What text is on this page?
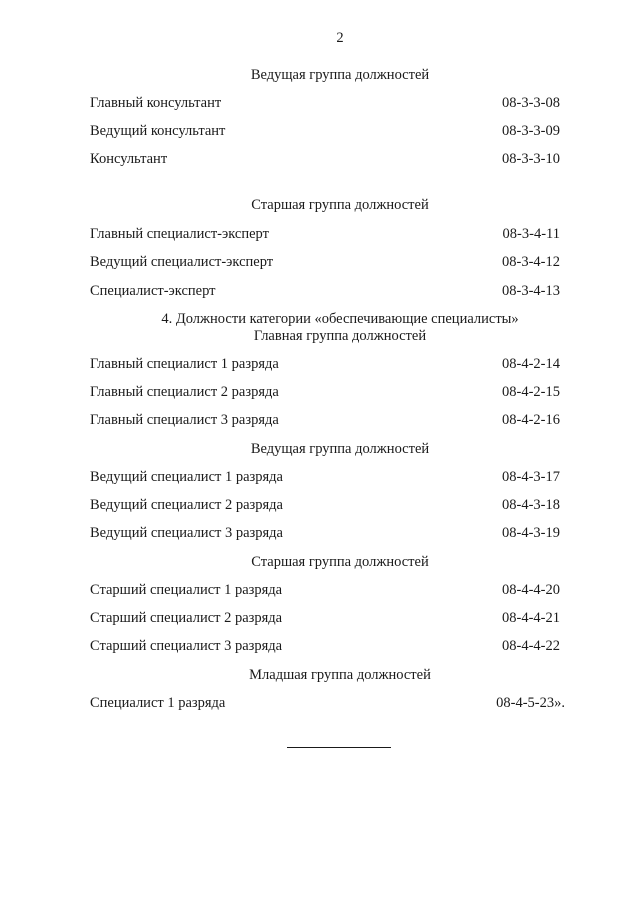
2
Ведущая группа должностей
Главный консультант	08-3-3-08
Ведущий консультант	08-3-3-09
Консультант	08-3-3-10
Старшая группа должностей
Главный специалист-эксперт	08-3-4-11
Ведущий специалист-эксперт	08-3-4-12
Специалист-эксперт	08-3-4-13
4. Должности категории «обеспечивающие специалисты»
Главная группа должностей
Главный специалист 1 разряда	08-4-2-14
Главный специалист 2 разряда	08-4-2-15
Главный специалист 3 разряда	08-4-2-16
Ведущая группа должностей
Ведущий специалист 1 разряда	08-4-3-17
Ведущий специалист 2 разряда	08-4-3-18
Ведущий специалист 3 разряда	08-4-3-19
Старшая группа должностей
Старший специалист 1 разряда	08-4-4-20
Старший специалист 2 разряда	08-4-4-21
Старший специалист 3 разряда	08-4-4-22
Младшая группа должностей
Специалист 1 разряда	08-4-5-23».
